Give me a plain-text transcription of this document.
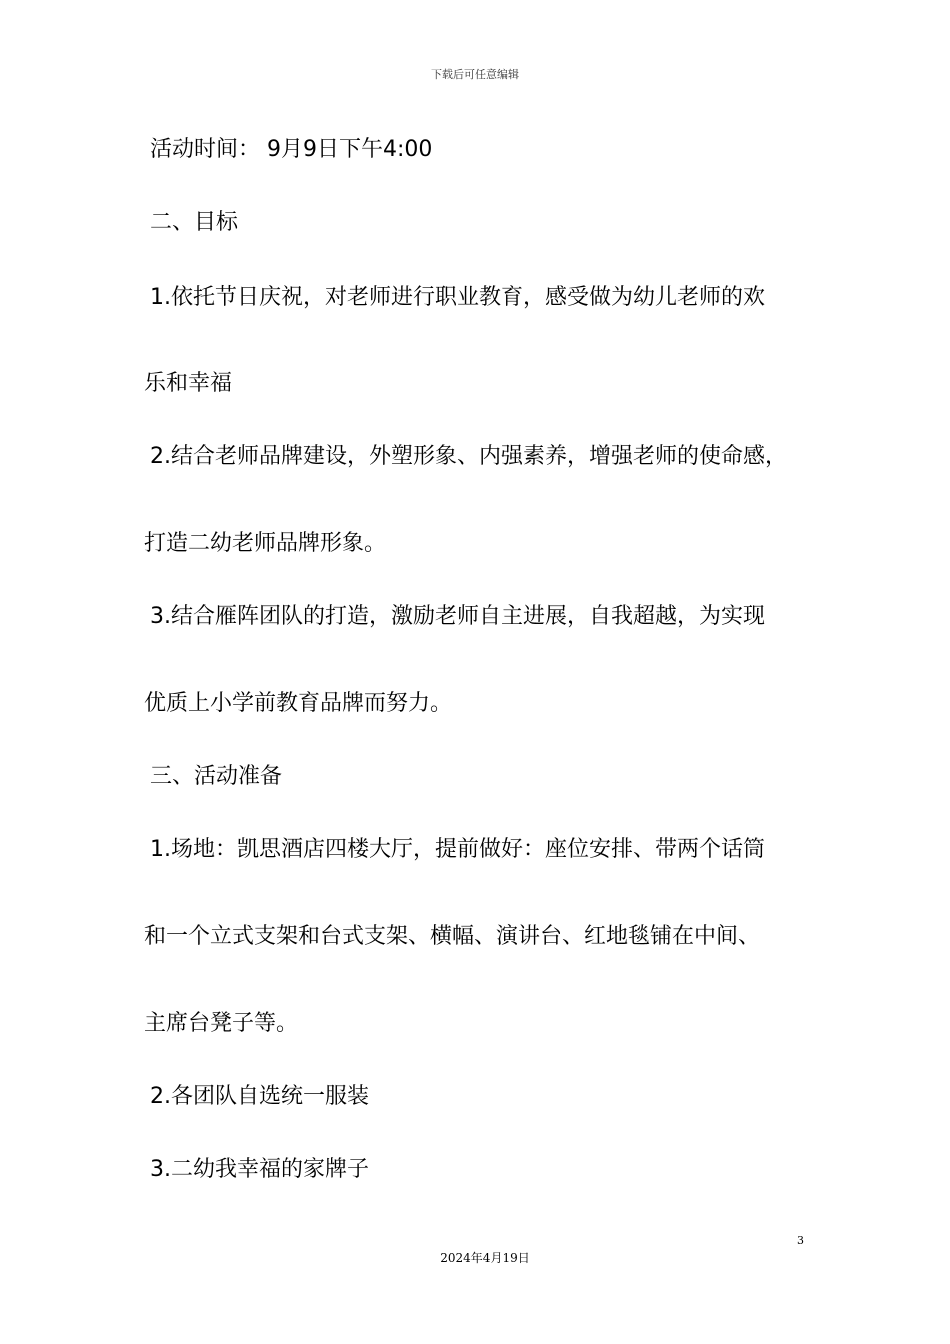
下载后可任意编辑
活动时间： 9月9日下午4:00
二、目标
1.依托节日庆祝，对老师进行职业教育，感受做为幼儿老师的欢
乐和幸福
2.结合老师品牌建设，外塑形象、内强素养，增强老师的使命感，
打造二幼老师品牌形象。
3.结合雁阵团队的打造，激励老师自主进展，自我超越，为实现
优质上小学前教育品牌而努力。
三、活动准备
1.场地：凯思酒店四楼大厅，提前做好：座位安排、带两个话筒
和一个立式支架和台式支架、横幅、演讲台、红地毯铺在中间、
主席台凳子等。
2.各团队自选统一服装
3.二幼我幸福的家牌子
3
2024年4月19日
